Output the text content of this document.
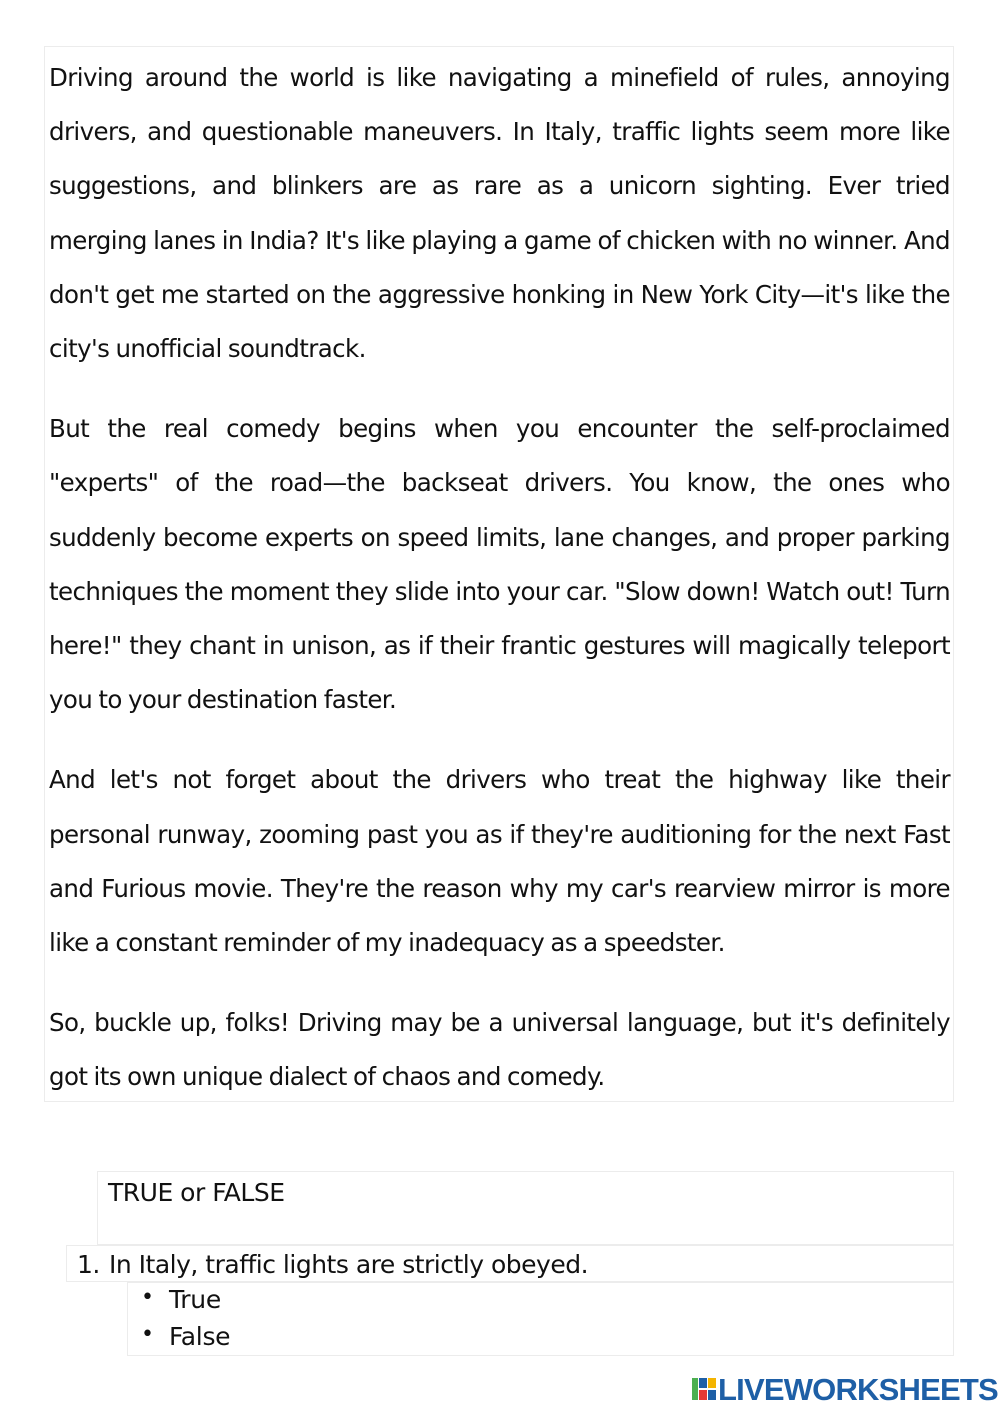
Driving around the world is like navigating a minefield of rules, annoying drivers, and questionable maneuvers. In Italy, traffic lights seem more like suggestions, and blinkers are as rare as a unicorn sighting. Ever tried merging lanes in India? It's like playing a game of chicken with no winner. And don't get me started on the aggressive honking in New York City—it's like the city's unofficial soundtrack.

But the real comedy begins when you encounter the self-proclaimed "experts" of the road—the backseat drivers. You know, the ones who suddenly become experts on speed limits, lane changes, and proper parking techniques the moment they slide into your car. "Slow down! Watch out! Turn here!" they chant in unison, as if their frantic gestures will magically teleport you to your destination faster.

And let's not forget about the drivers who treat the highway like their personal runway, zooming past you as if they're auditioning for the next Fast and Furious movie. They're the reason why my car's rearview mirror is more like a constant reminder of my inadequacy as a speedster.

So, buckle up, folks! Driving may be a universal language, but it's definitely got its own unique dialect of chaos and comedy.

TRUE or FALSE
1. In Italy, traffic lights are strictly obeyed.
• True
• False
LIVEWORKSHEETS
